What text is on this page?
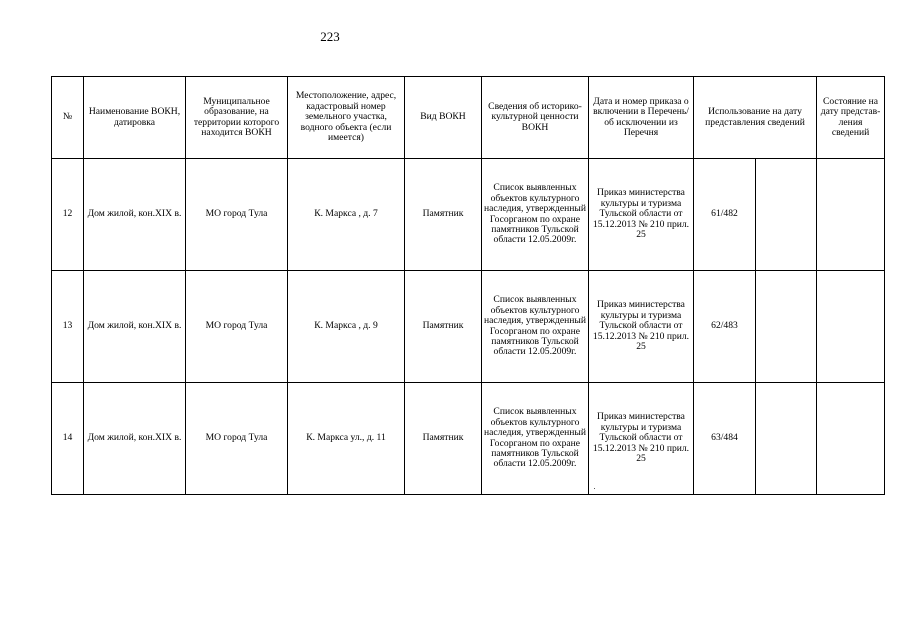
223
№	Наименование ВОКН, датировка	Муниципальное образование, на территории которого находится ВОКН	Местоположение, адрес, кадастровый номер земельного участка, водного объекта (если имеется)	Вид ВОКН	Сведения об историко-культурной ценности ВОКН	Дата и номер приказа о включении в Перечень/ об исключении из Перечня	Использование на дату представления сведений		Состояние на дату представ-ления сведений
12	Дом жилой, кон.XIX в.	МО город Тула	К. Маркса , д. 7	Памятник	Список выявленных объектов культурного наследия, утвержденный Госорганом по охране памятников Тульской области 12.05.2009г.	Приказ министерства культуры и туризма Тульской области от 15.12.2013 № 210 прил. 25	61/482		
13	Дом жилой, кон.XIX в.	МО город Тула	К. Маркса , д. 9	Памятник	Список выявленных объектов культурного наследия, утвержденный Госорганом по охране памятников Тульской области 12.05.2009г.	Приказ министерства культуры и туризма Тульской области от 15.12.2013 № 210 прил. 25	62/483		
14	Дом жилой, кон.XIX в.	МО город Тула	К. Маркса ул., д. 11	Памятник	Список выявленных объектов культурного наследия, утвержденный Госорганом по охране памятников Тульской области 12.05.2009г.	Приказ министерства культуры и туризма Тульской области от 15.12.2013 № 210 прил. 25	63/484		
